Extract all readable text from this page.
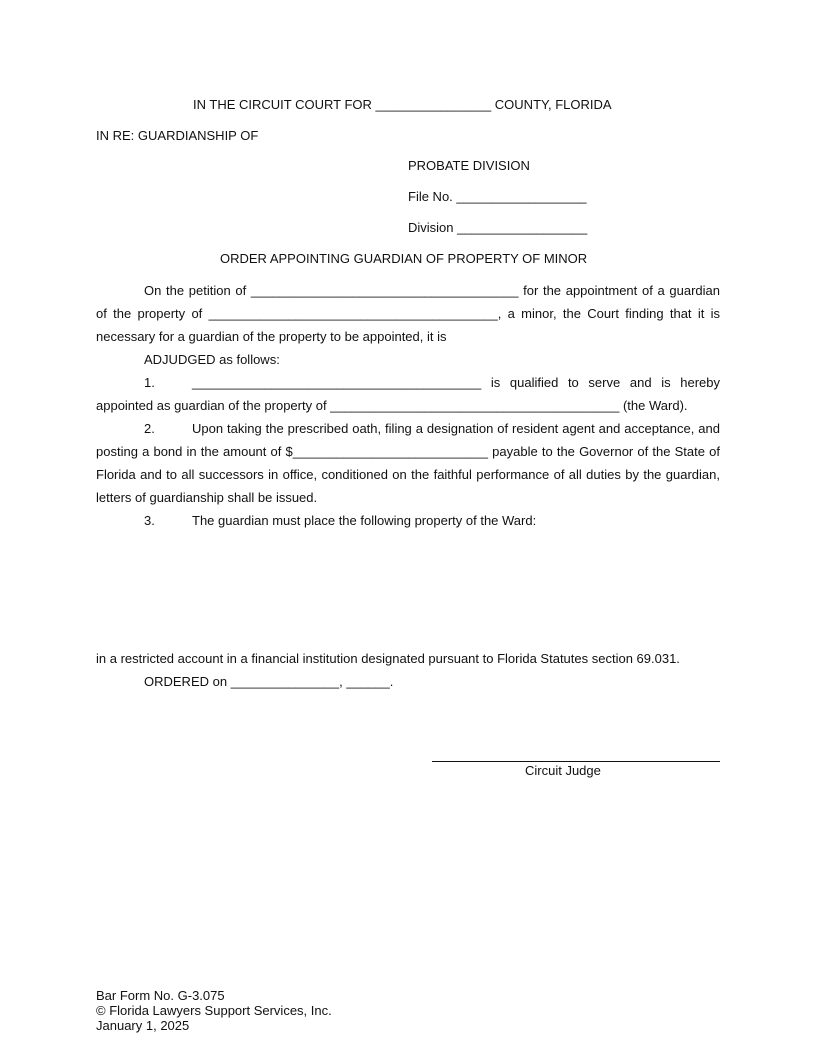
IN THE CIRCUIT COURT FOR ________________ COUNTY, FLORIDA
IN RE: GUARDIANSHIP OF
PROBATE DIVISION
File No. __________________
Division __________________
ORDER APPOINTING GUARDIAN OF PROPERTY OF MINOR
On the petition of _____________________________________ for the appointment of a guardian
of the property of ________________________________________, a minor, the Court finding that it is
necessary for a guardian of the property to be appointed, it is
ADJUDGED as follows:
1.	________________________________________ is qualified to serve and is hereby
appointed as guardian of the property of ________________________________________ (the Ward).
2.	Upon taking the prescribed oath, filing a designation of resident agent and acceptance, and
posting a bond in the amount of $___________________________ payable to the Governor of the State of
Florida and to all successors in office, conditioned on the faithful performance of all duties by the guardian,
letters of guardianship shall be issued.
3.	The guardian must place the following property of the Ward:
in a restricted account in a financial institution designated pursuant to Florida Statutes section 69.031.
ORDERED on _______________, ______.
Circuit Judge
Bar Form No. G-3.075
© Florida Lawyers Support Services, Inc.
January 1, 2025
